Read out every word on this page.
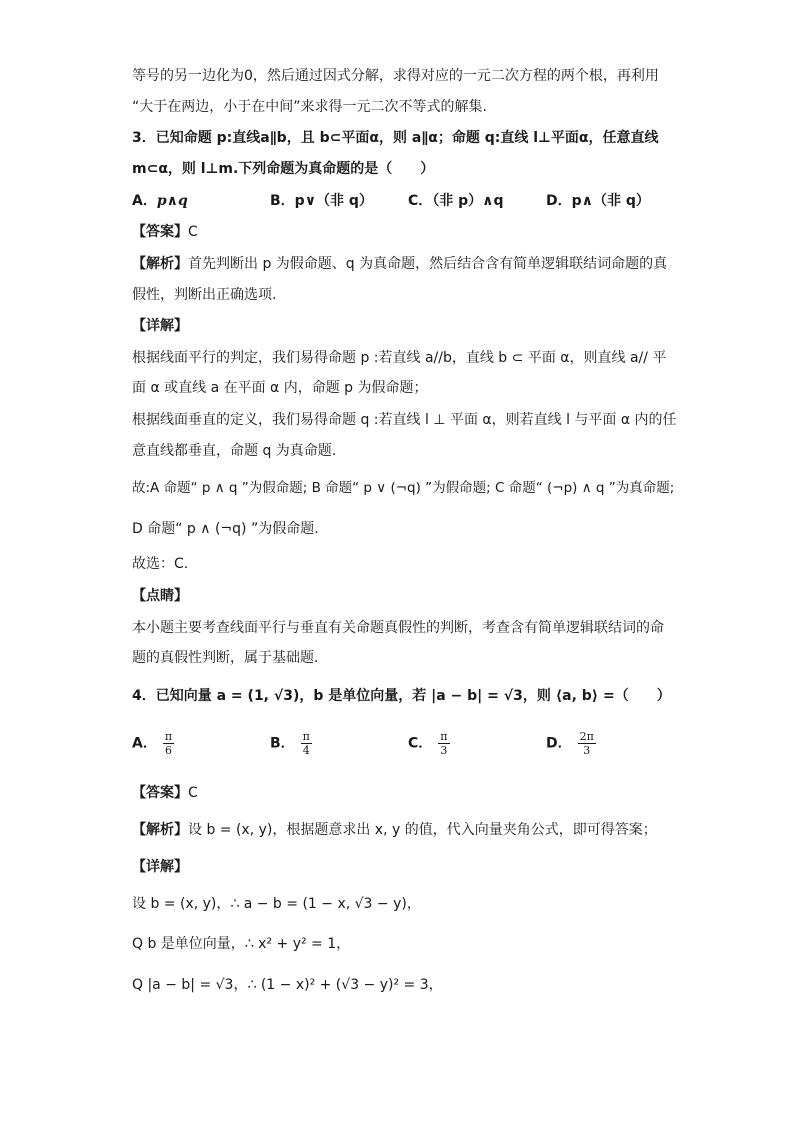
等号的另一边化为0，然后通过因式分解，求得对应的一元二次方程的两个根，再利用
“大于在两边，小于在中间”来求得一元二次不等式的解集.
3．已知命题 p:直线a∥b，且 b⊂平面α，则 a∥α；命题 q:直线 l⊥平面α，任意直线
m⊂α，则 l⊥m.下列命题为真命题的是（　　）
A．p∧q	B．p∨（非 q）	C．（非 p）∧q	D．p∧（非 q）
【答案】C
【解析】首先判断出 p 为假命题、q 为真命题，然后结合含有简单逻辑联结词命题的真
假性，判断出正确选项.
【详解】
根据线面平行的判定，我们易得命题 p :若直线 a//b，直线 b ⊂ 平面 α，则直线 a// 平
面 α 或直线 a 在平面 α 内，命题 p 为假命题；
根据线面垂直的定义，我们易得命题 q :若直线 l ⊥ 平面 α，则若直线 l 与平面 α 内的任
意直线都垂直，命题 q 为真命题.
故:A 命题“ p ∧ q ”为假命题; B 命题“ p ∨ (¬q) ”为假命题; C 命题“ (¬p) ∧ q ”为真命题;
D 命题“ p ∧ (¬q) ”为假命题.
故选：C.
【点睛】
本小题主要考查线面平行与垂直有关命题真假性的判断，考查含有简单逻辑联结词的命
题的真假性判断，属于基础题.
4．已知向量 a = (1, √3)，b 是单位向量，若 |a − b| = √3，则 ⟨a, b⟩ =（　　）
A． $\frac{\pi}{6}$	B． $\frac{\pi}{4}$	C． $\frac{\pi}{3}$	D． $\frac{2\pi}{3}$
【答案】C
【解析】设 b = (x, y)，根据题意求出 x, y 的值，代入向量夹角公式，即可得答案；
【详解】
设 b = (x, y)，∴ a − b = (1 − x, √3 − y)，
Q b 是单位向量，∴ x² + y² = 1，
Q |a − b| = √3，∴ (1 − x)² + (√3 − y)² = 3，
